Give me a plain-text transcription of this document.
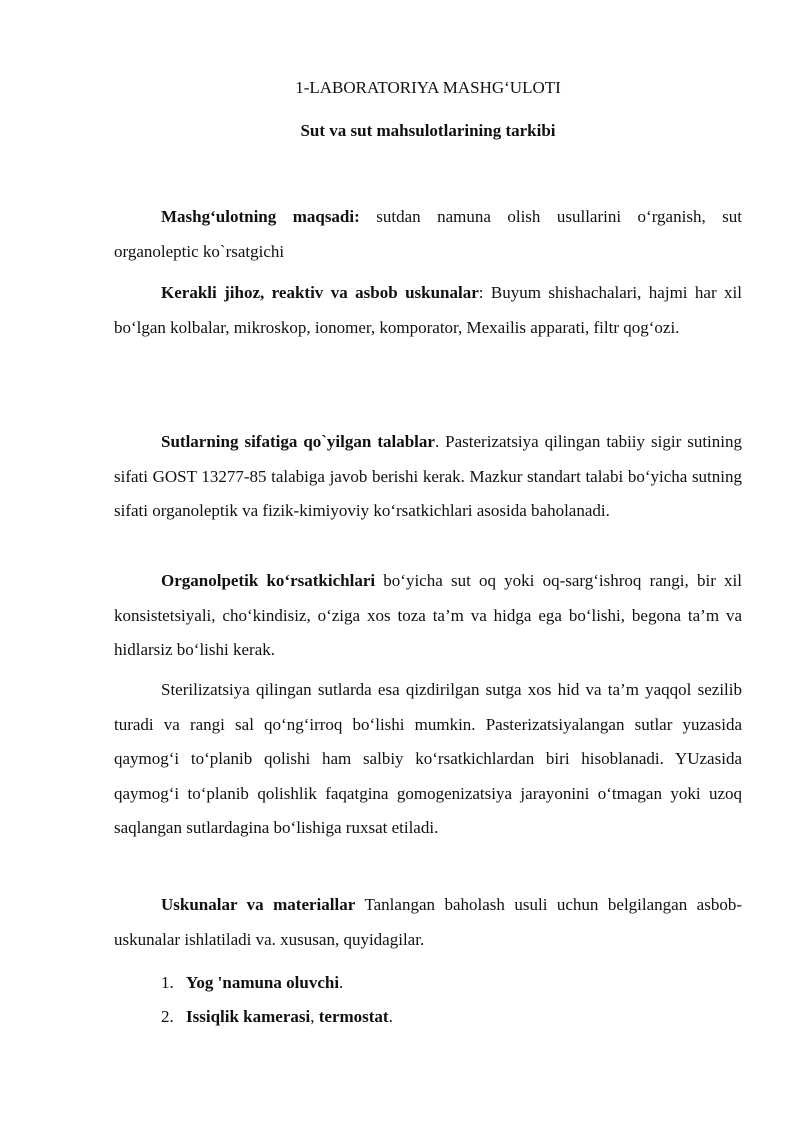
1-LABORATORIYA MASHG‘ULOTI
Sut va sut mahsulotlarining tarkibi
Mashg‘ulotning maqsadi: sutdan namuna olish usullarini o‘rganish, sut organoleptic ko`rsatgichi
Kerakli jihoz, reaktiv va asbob uskunalar: Buyum shishachalari, hajmi har xil bo‘lgan kolbalar, mikroskop, ionomer, komporator, Mexailis apparati, filtr qog‘ozi.
Sutlarning sifatiga qo`yilgan talablar. Pasterizatsiya qilingan tabiiy sigir sutining sifati GOST 13277-85 talabiga javob berishi kerak. Mazkur standart talabi bo‘yicha sutning sifati organoleptik va fizik-kimiyoviy ko‘rsatkichlari asosida baholanadi.
Organolpetik ko‘rsatkichlari bo‘yicha sut oq yoki oq-sarg‘ishroq rangi, bir xil konsistetsiyali, cho‘kindisiz, o‘ziga xos toza ta’m va hidga ega bo‘lishi, begona ta’m va hidlarsiz bo‘lishi kerak.
Sterilizatsiya qilingan sutlarda esa qizdirilgan sutga xos hid va ta’m yaqqol sezilib turadi va rangi sal qo‘ng‘irroq bo‘lishi mumkin. Pasterizatsiyalangan sutlar yuzasida qaymog‘i to‘planib qolishi ham salbiy ko‘rsatkichlardan biri hisoblanadi. YUzasida qaymog‘i to‘planib qolishlik faqatgina gomogenizatsiya jarayonini o‘tmagan yoki uzoq saqlangan sutlardagina bo‘lishiga ruxsat etiladi.
Uskunalar va materiallar Tanlangan baholash usuli uchun belgilangan asbob-uskunalar ishlatiladi va. xususan, quyidagilar.
1. Yog 'namuna oluvchi.
2. Issiqlik kamerasi, termostat.
